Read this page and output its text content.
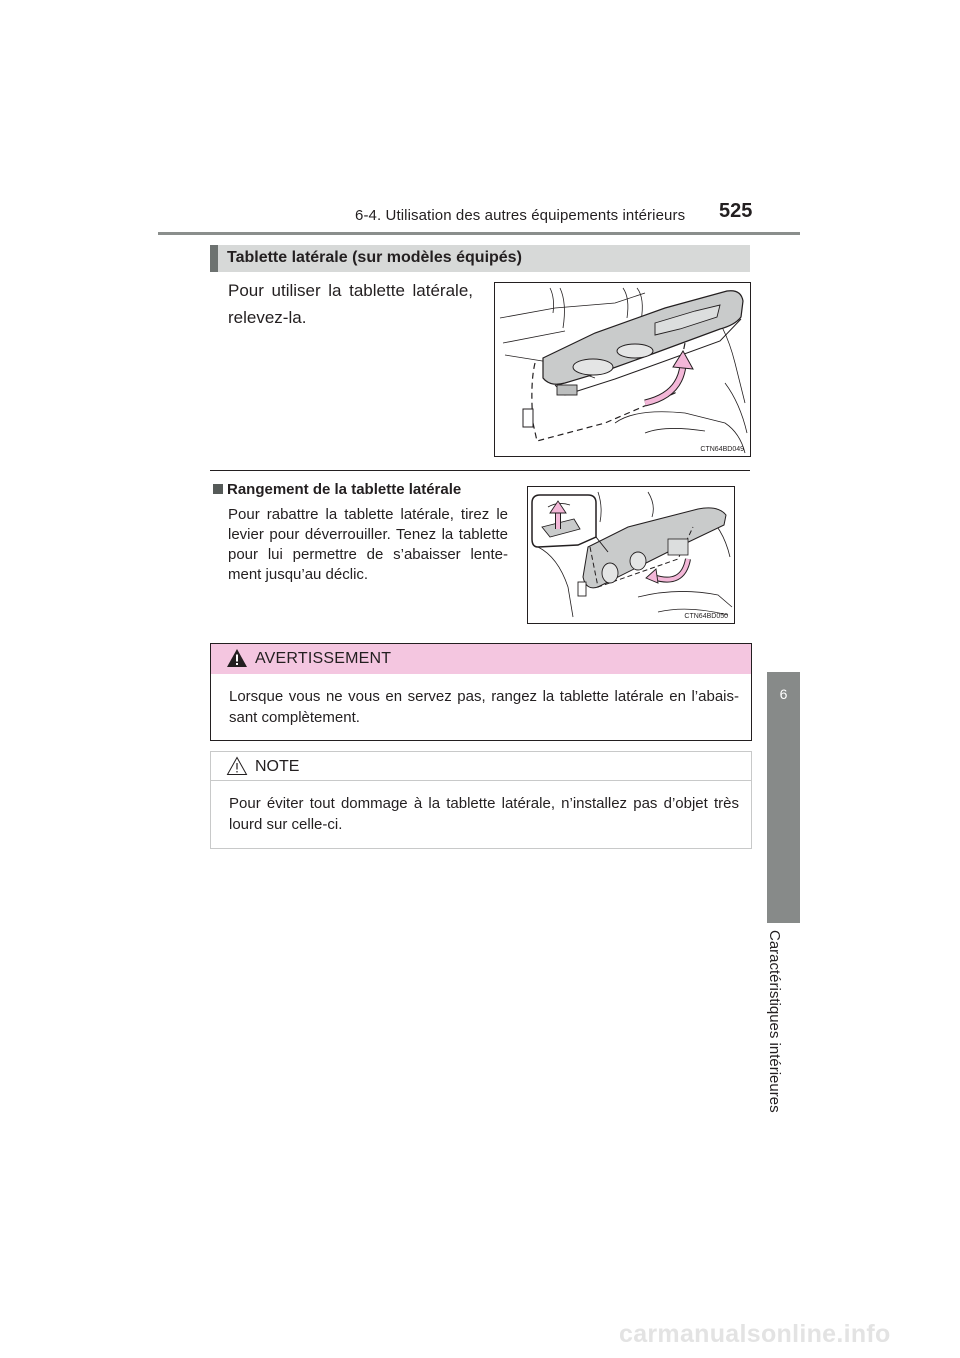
6-4. Utilisation des autres équipements intérieurs 525
6
Caractéristiques intérieures
Tablette latérale (sur modèles équipés)
Pour utiliser la tablette latérale, relevez-la.
CTN64BD049
Rangement de la tablette latérale
Pour rabattre la tablette latérale, tirez le levier pour déverrouiller. Tenez la tablette pour lui permettre de s’abaisser lentement jusqu’au déclic.
CTN64BD050
AVERTISSEMENT
Lorsque vous ne vous en servez pas, rangez la tablette latérale en l’abaissant complètement.
NOTE
Pour éviter tout dommage à la tablette latérale, n’installez pas d’objet très lourd sur celle-ci.
carmanualsonline.info
